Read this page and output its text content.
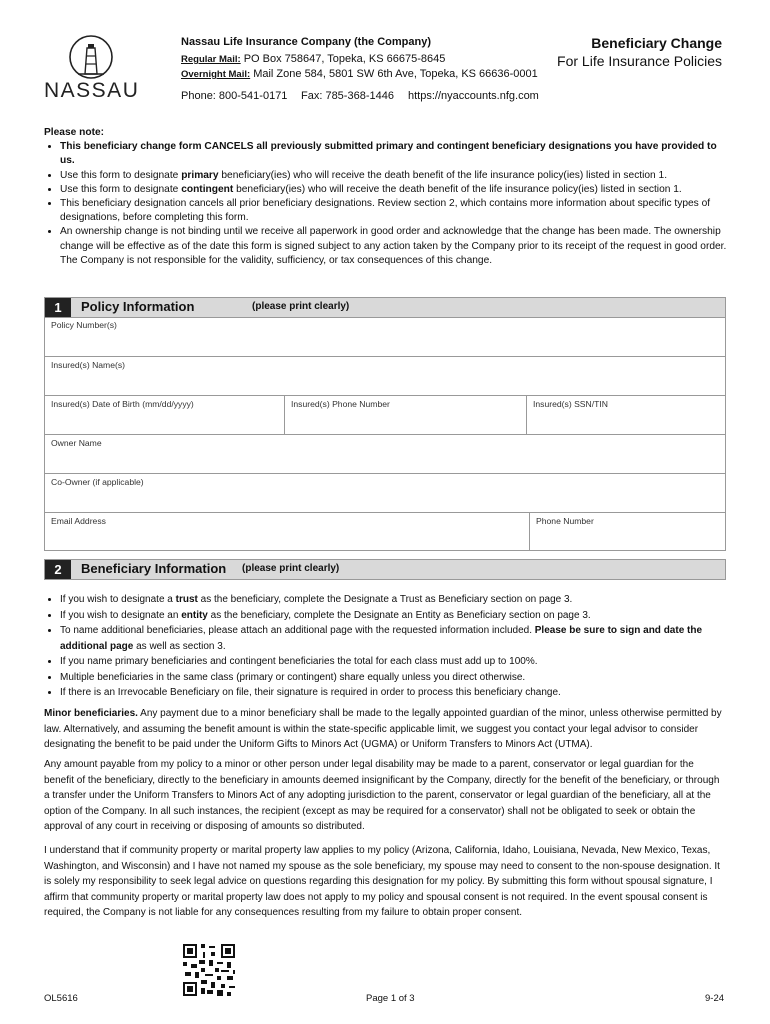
NASSAU
Nassau Life Insurance Company (the Company)
Regular Mail: PO Box 758647, Topeka, KS 66675-8645
Overnight Mail: Mail Zone 584, 5801 SW 6th Ave, Topeka, KS 66636-0001
Phone: 800-541-0171 Fax: 785-368-1446 https://nyaccounts.nfg.com
Beneficiary Change
For Life Insurance Policies
Please note:
• This beneficiary change form CANCELS all previously submitted primary and contingent beneficiary designations you have provided to us.
• Use this form to designate primary beneficiary(ies) who will receive the death benefit of the life insurance policy(ies) listed in section 1.
• Use this form to designate contingent beneficiary(ies) who will receive the death benefit of the life insurance policy(ies) listed in section 1.
• This beneficiary designation cancels all prior beneficiary designations. Review section 2, which contains more information about specific types of designations, before completing this form.
• An ownership change is not binding until we receive all paperwork in good order and acknowledge that the change has been made. The ownership change will be effective as of the date this form is signed subject to any action taken by the Company prior to its receipt of the request in good order. The Company is not responsible for the validity, sufficiency, or tax consequences of this change.
1	Policy Information	(please print clearly)
Policy Number(s)
Insured(s) Name(s)
Insured(s) Date of Birth (mm/dd/yyyy)	Insured(s) Phone Number	Insured(s) SSN/TIN
Owner Name
Co-Owner (if applicable)
Email Address	Phone Number
2	Beneficiary Information (please print clearly)
• If you wish to designate a trust as the beneficiary, complete the Designate a Trust as Beneficiary section on page 3.
• If you wish to designate an entity as the beneficiary, complete the Designate an Entity as Beneficiary section on page 3.
• To name additional beneficiaries, please attach an additional page with the requested information included. Please be sure to sign and date the additional page as well as section 3.
• If you name primary beneficiaries and contingent beneficiaries the total for each class must add up to 100%.
• Multiple beneficiaries in the same class (primary or contingent) share equally unless you direct otherwise.
• If there is an Irrevocable Beneficiary on file, their signature is required in order to process this beneficiary change.
Minor beneficiaries. Any payment due to a minor beneficiary shall be made to the legally appointed guardian of the minor, unless otherwise permitted by law. Alternatively, and assuming the benefit amount is within the state-specific applicable limit, we suggest you contact your legal advisor to consider designating the benefit to be paid under the Uniform Gifts to Minors Act (UGMA) or Uniform Transfers to Minors Act (UTMA).
Any amount payable from my policy to a minor or other person under legal disability may be made to a parent, conservator or legal guardian for the benefit of the beneficiary, directly to the beneficiary in amounts deemed insignificant by the Company, directly for the benefit of the beneficiary, or through a transfer under the Uniform Transfers to Minors Act of any adopting jurisdiction to the parent, conservator or legal guardian of the beneficiary, all at the option of the Company. In all such instances, the recipient (except as may be required for a conservator) shall not be obligated to seek or obtain the approval of any court in receiving or disposing of amounts so distributed.
I understand that if community property or marital property law applies to my policy (Arizona, California, Idaho, Louisiana, Nevada, New Mexico, Texas, Washington, and Wisconsin) and I have not named my spouse as the sole beneficiary, my spouse may need to consent to the non-spouse designation. It is solely my responsibility to seek legal advice on questions regarding this designation for my policy. By submitting this form without spousal signature, I affirm that community property or marital property law does not apply to my policy and spousal consent is not required. In the event spousal consent is required, the Company is not liable for any consequences resulting from my failure to obtain proper consent.
OL5616	Page 1 of 3	9-24
